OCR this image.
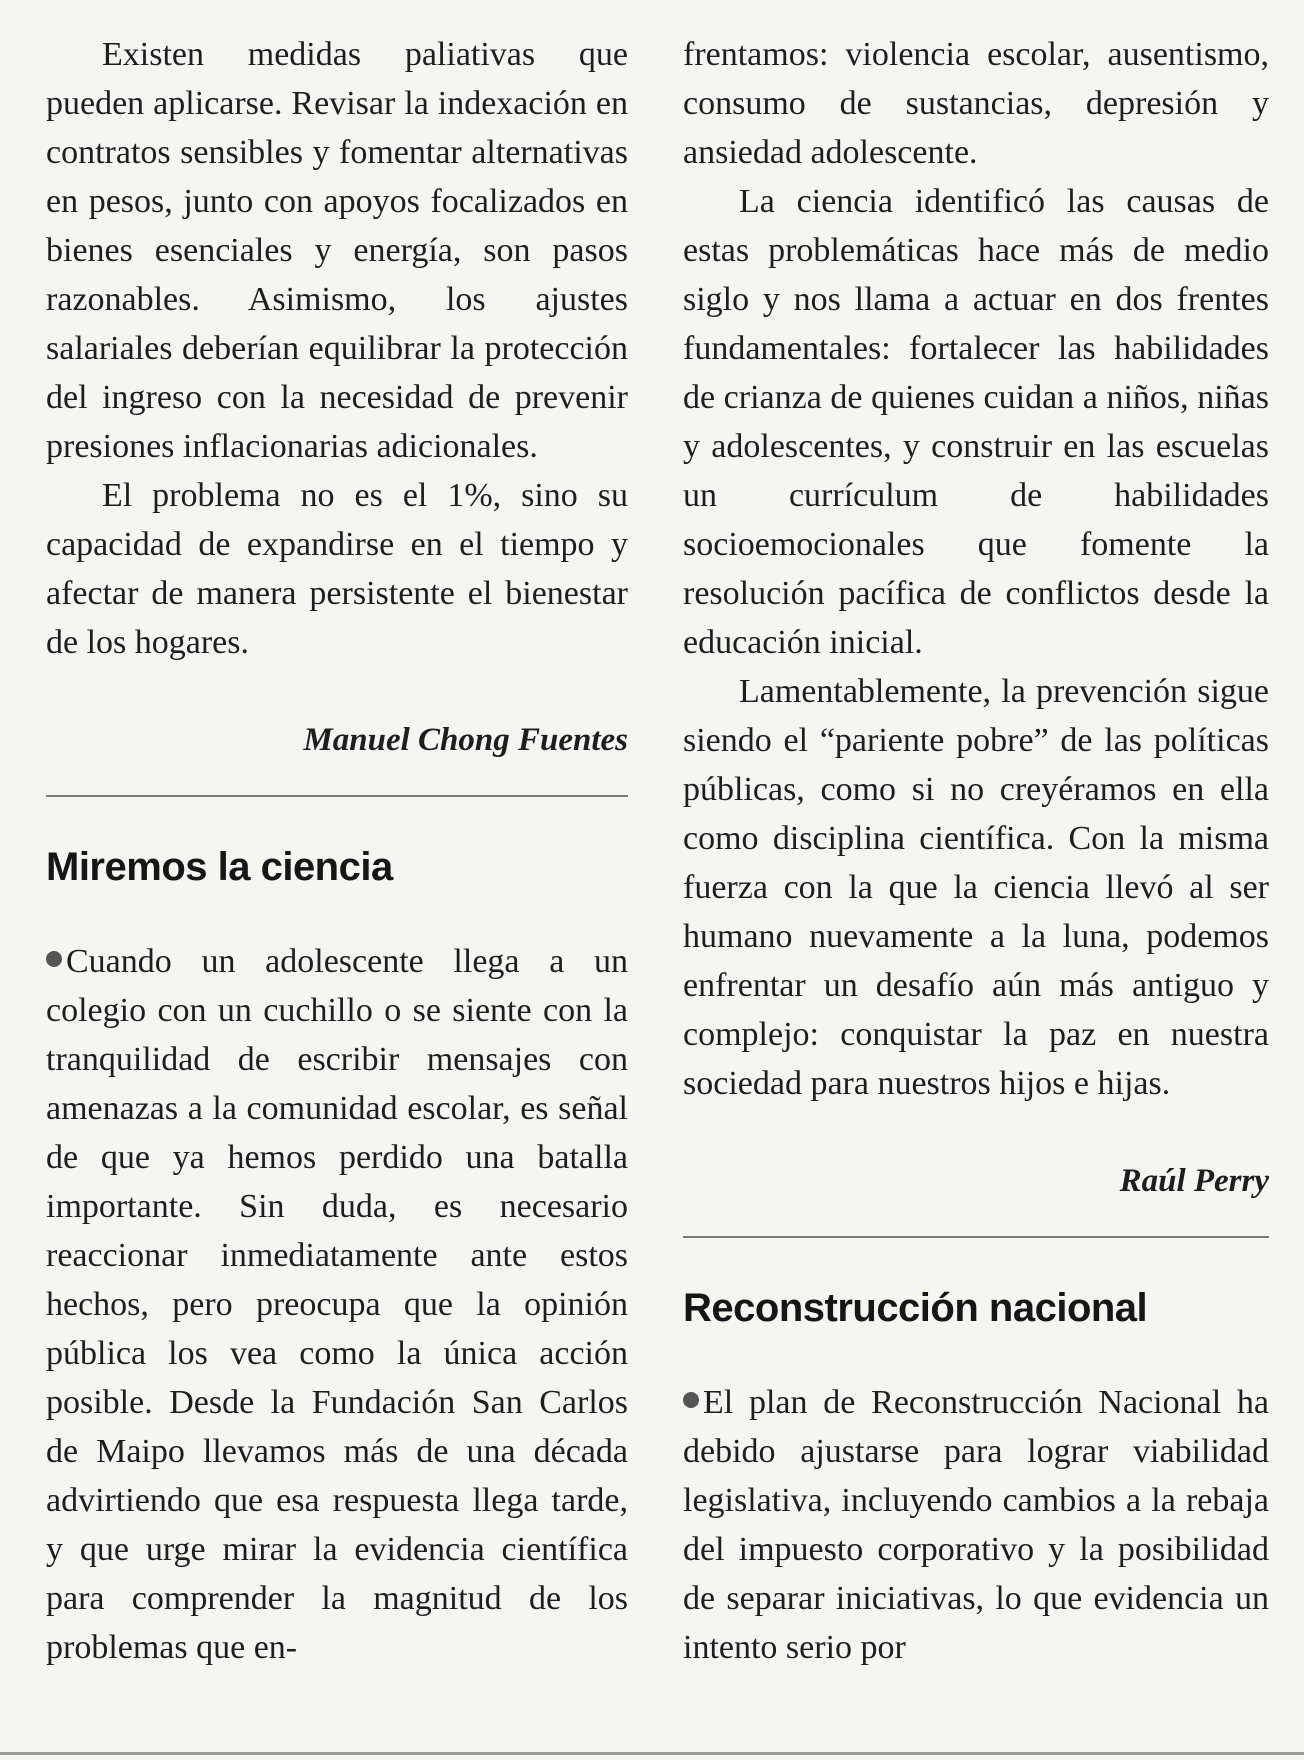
Existen medidas paliativas que pueden aplicarse. Revisar la indexación en contratos sensibles y fomentar alternativas en pesos, junto con apoyos focalizados en bienes esenciales y energía, son pasos razonables. Asimismo, los ajustes salariales deberían equilibrar la protección del ingreso con la necesidad de prevenir presiones inflacionarias adicionales.

El problema no es el 1%, sino su capacidad de expandirse en el tiempo y afectar de manera persistente el bienestar de los hogares.

Manuel Chong Fuentes

Miremos la ciencia

Cuando un adolescente llega a un colegio con un cuchillo o se siente con la tranquilidad de escribir mensajes con amenazas a la comunidad escolar, es señal de que ya hemos perdido una batalla importante. Sin duda, es necesario reaccionar inmediatamente ante estos hechos, pero preocupa que la opinión pública los vea como la única acción posible. Desde la Fundación San Carlos de Maipo llevamos más de una década advirtiendo que esa respuesta llega tarde, y que urge mirar la evidencia científica para comprender la magnitud de los problemas que en-

frentamos: violencia escolar, ausentismo, consumo de sustancias, depresión y ansiedad adolescente.

La ciencia identificó las causas de estas problemáticas hace más de medio siglo y nos llama a actuar en dos frentes fundamentales: fortalecer las habilidades de crianza de quienes cuidan a niños, niñas y adolescentes, y construir en las escuelas un currículum de habilidades socioemocionales que fomente la resolución pacífica de conflictos desde la educación inicial.

Lamentablemente, la prevención sigue siendo el “pariente pobre” de las políticas públicas, como si no creyéramos en ella como disciplina científica. Con la misma fuerza con la que la ciencia llevó al ser humano nuevamente a la luna, podemos enfrentar un desafío aún más antiguo y complejo: conquistar la paz en nuestra sociedad para nuestros hijos e hijas.

Raúl Perry

Reconstrucción nacional

El plan de Reconstrucción Nacional ha debido ajustarse para lograr viabilidad legislativa, incluyendo cambios a la rebaja del impuesto corporativo y la posibilidad de separar iniciativas, lo que evidencia un intento serio por
